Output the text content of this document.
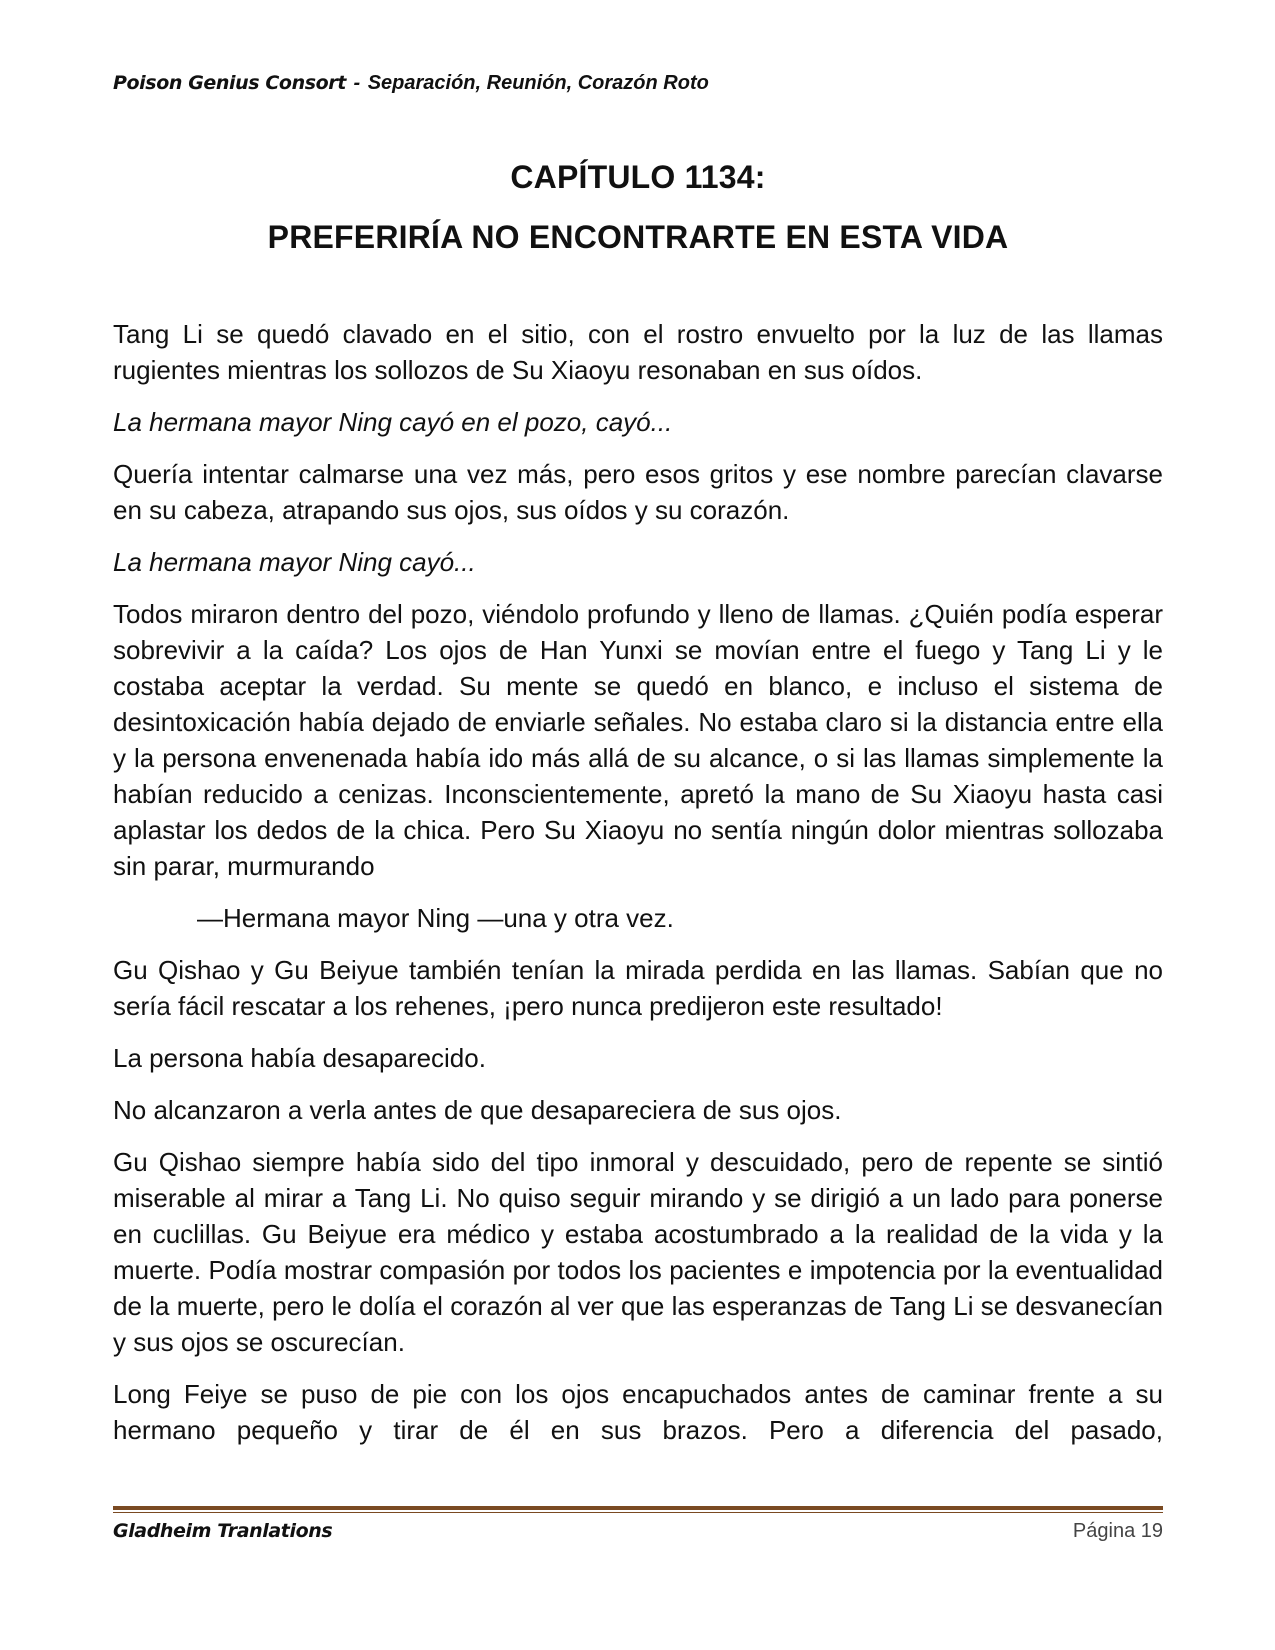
Poison Genius Consort - Separación, Reunión, Corazón Roto
CAPÍTULO 1134:
PREFERIRÍA NO ENCONTRARTE EN ESTA VIDA

Tang Li se quedó clavado en el sitio, con el rostro envuelto por la luz de las llamas rugientes mientras los sollozos de Su Xiaoyu resonaban en sus oídos.

La hermana mayor Ning cayó en el pozo, cayó...

Quería intentar calmarse una vez más, pero esos gritos y ese nombre parecían clavarse en su cabeza, atrapando sus ojos, sus oídos y su corazón.

La hermana mayor Ning cayó...

Todos miraron dentro del pozo, viéndolo profundo y lleno de llamas. ¿Quién podía esperar sobrevivir a la caída? Los ojos de Han Yunxi se movían entre el fuego y Tang Li y le costaba aceptar la verdad. Su mente se quedó en blanco, e incluso el sistema de desintoxicación había dejado de enviarle señales. No estaba claro si la distancia entre ella y la persona envenenada había ido más allá de su alcance, o si las llamas simplemente la habían reducido a cenizas. Inconscientemente, apretó la mano de Su Xiaoyu hasta casi aplastar los dedos de la chica. Pero Su Xiaoyu no sentía ningún dolor mientras sollozaba sin parar, murmurando

—Hermana mayor Ning —una y otra vez.

Gu Qishao y Gu Beiyue también tenían la mirada perdida en las llamas. Sabían que no sería fácil rescatar a los rehenes, ¡pero nunca predijeron este resultado!

La persona había desaparecido.

No alcanzaron a verla antes de que desapareciera de sus ojos.

Gu Qishao siempre había sido del tipo inmoral y descuidado, pero de repente se sintió miserable al mirar a Tang Li. No quiso seguir mirando y se dirigió a un lado para ponerse en cuclillas. Gu Beiyue era médico y estaba acostumbrado a la realidad de la vida y la muerte. Podía mostrar compasión por todos los pacientes e impotencia por la eventualidad de la muerte, pero le dolía el corazón al ver que las esperanzas de Tang Li se desvanecían y sus ojos se oscurecían.

Long Feiye se puso de pie con los ojos encapuchados antes de caminar frente a su hermano pequeño y tirar de él en sus brazos. Pero a diferencia del pasado,

Gladheim Tranlations	Página 19
